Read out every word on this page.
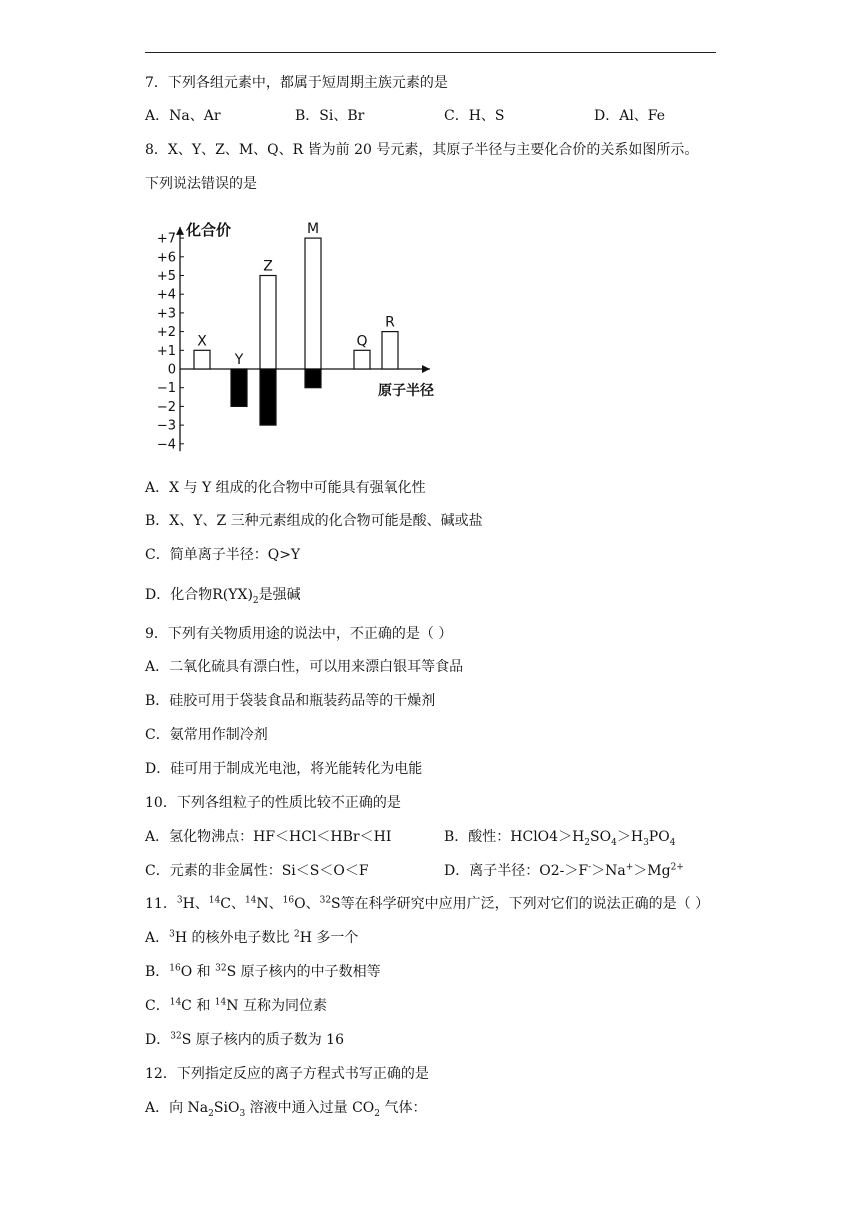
7．下列各组元素中，都属于短周期主族元素的是
A．Na、Ar	B．Si、Br	C．H、S	D．Al、Fe
8．X、Y、Z、M、Q、R 皆为前 20 号元素，其原子半径与主要化合价的关系如图所示。
下列说法错误的是
+7
+6
+5
+4
+3
+2
+1
0
−1
−2
−3
−4
化合价
原子半径
X
Y
Z
M
Q
R
A．X 与 Y 组成的化合物中可能具有强氧化性
B．X、Y、Z 三种元素组成的化合物可能是酸、碱或盐
C．简单离子半径：Q>Y
D．化合物$R(YX)_2$是强碱
9．下列有关物质用途的说法中，不正确的是（ ）
A．二氧化硫具有漂白性，可以用来漂白银耳等食品
B．硅胶可用于袋装食品和瓶装药品等的干燥剂
C．氨常用作制冷剂
D．硅可用于制成光电池，将光能转化为电能
10．下列各组粒子的性质比较不正确的是
A．氢化物沸点：HF＜HCl＜HBr＜HI	B．酸性：$HClO4>H_2SO_4>H_3PO_4$
C．元素的非金属性：Si＜S＜O＜F	D．离子半径：$O2->F^->Na^+>Mg^{2+}$
11．$^3$H、$^{14}$C、$^{14}$N、$^{16}$O、$^{32}$S等在科学研究中应用广泛，下列对它们的说法正确的是（ ）
A．$^3$H 的核外电子数比 $^2$H 多一个
B．$^{16}$O 和 $^{32}$S 原子核内的中子数相等
C．$^{14}$C 和 $^{14}$N 互称为同位素
D．$^{32}$S 原子核内的质子数为 16
12．下列指定反应的离子方程式书写正确的是
A．向 $Na_2SiO_3$ 溶液中通入过量 $CO_2$ 气体：
